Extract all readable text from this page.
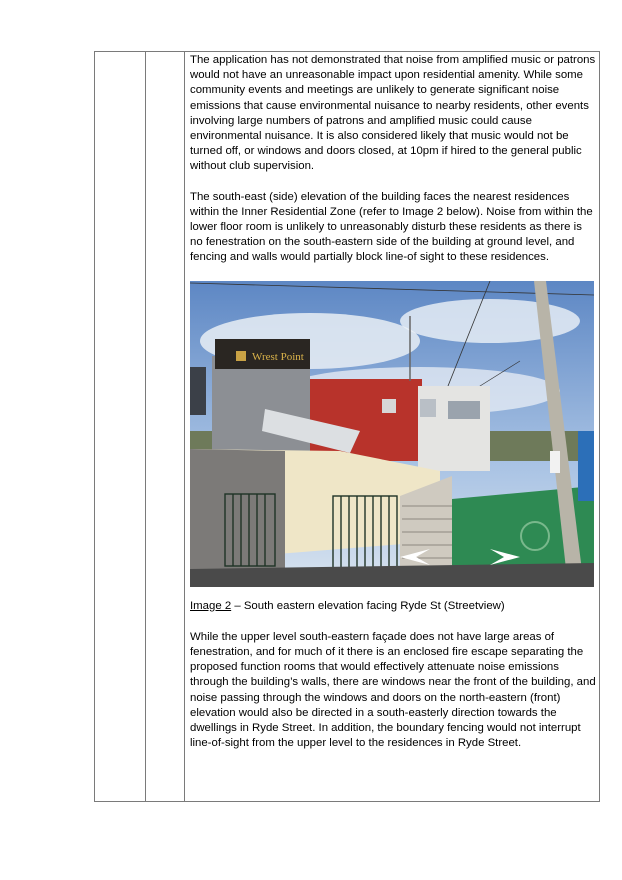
The application has not demonstrated that noise from amplified music or patrons would not have an unreasonable impact upon residential amenity. While some community events and meetings are unlikely to generate significant noise emissions that cause environmental nuisance to nearby residents, other events involving large numbers of patrons and amplified music could cause environmental nuisance. It is also considered likely that music would not be turned off, or windows and doors closed, at 10pm if hired to the general public without club supervision.

The south-east (side) elevation of the building faces the nearest residences within the Inner Residential Zone (refer to Image 2 below). Noise from within the lower floor room is unlikely to unreasonably disturb these residents as there is no fenestration on the south-eastern side of the building at ground level, and fencing and walls would partially block line-of sight to these residences.

Wrest Point

Image 2 – South eastern elevation facing Ryde St (Streetview)

While the upper level south-eastern façade does not have large areas of fenestration, and for much of it there is an enclosed fire escape separating the proposed function rooms that would effectively attenuate noise emissions through the building’s walls, there are windows near the front of the building, and noise passing through the windows and doors on the north-eastern (front) elevation would also be directed in a south-easterly direction towards the dwellings in Ryde Street. In addition, the boundary fencing would not interrupt line-of-sight from the upper level to the residences in Ryde Street.
